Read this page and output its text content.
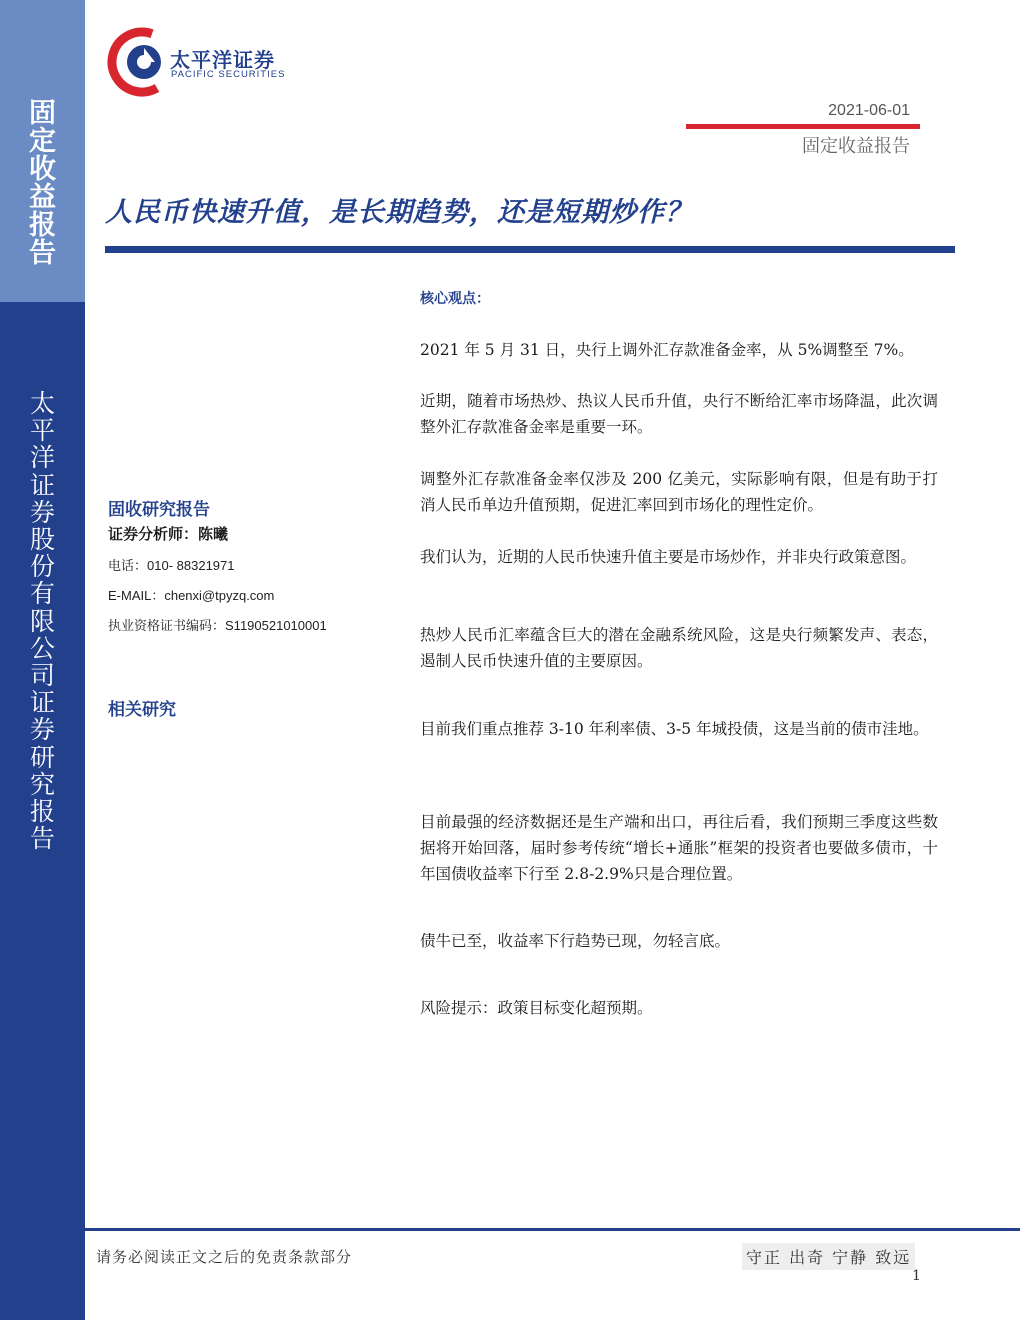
固
定
收
益
报
告
太
平
洋
证
券
股
份
有
限
公
司
证
券
研
究
报
告
太平洋证券
PACIFIC SECURITIES
2021-06-01
固定收益报告
人民币快速升值，是长期趋势，还是短期炒作？
固收研究报告
证券分析师：陈曦
电话：010- 88321971
E-MAIL：chenxi@tpyzq.com
执业资格证书编码：S1190521010001
相关研究
核心观点：

2021 年 5 月 31 日，央行上调外汇存款准备金率，从 5%调整至 7%。

近期，随着市场热炒、热议人民币升值，央行不断给汇率市场降温，此次调整外汇存款准备金率是重要一环。

调整外汇存款准备金率仅涉及 200 亿美元，实际影响有限，但是有助于打消人民币单边升值预期，促进汇率回到市场化的理性定价。

我们认为，近期的人民币快速升值主要是市场炒作，并非央行政策意图。

热炒人民币汇率蕴含巨大的潜在金融系统风险，这是央行频繁发声、表态，遏制人民币快速升值的主要原因。

目前我们重点推荐 3-10 年利率债、3-5 年城投债，这是当前的债市洼地。

目前最强的经济数据还是生产端和出口，再往后看，我们预期三季度这些数据将开始回落，届时参考传统“增长+通胀”框架的投资者也要做多债市，十年国债收益率下行至 2.8-2.9%只是合理位置。

债牛已至，收益率下行趋势已现，勿轻言底。

风险提示：政策目标变化超预期。

请务必阅读正文之后的免责条款部分	守正 出奇 宁静 致远
1
